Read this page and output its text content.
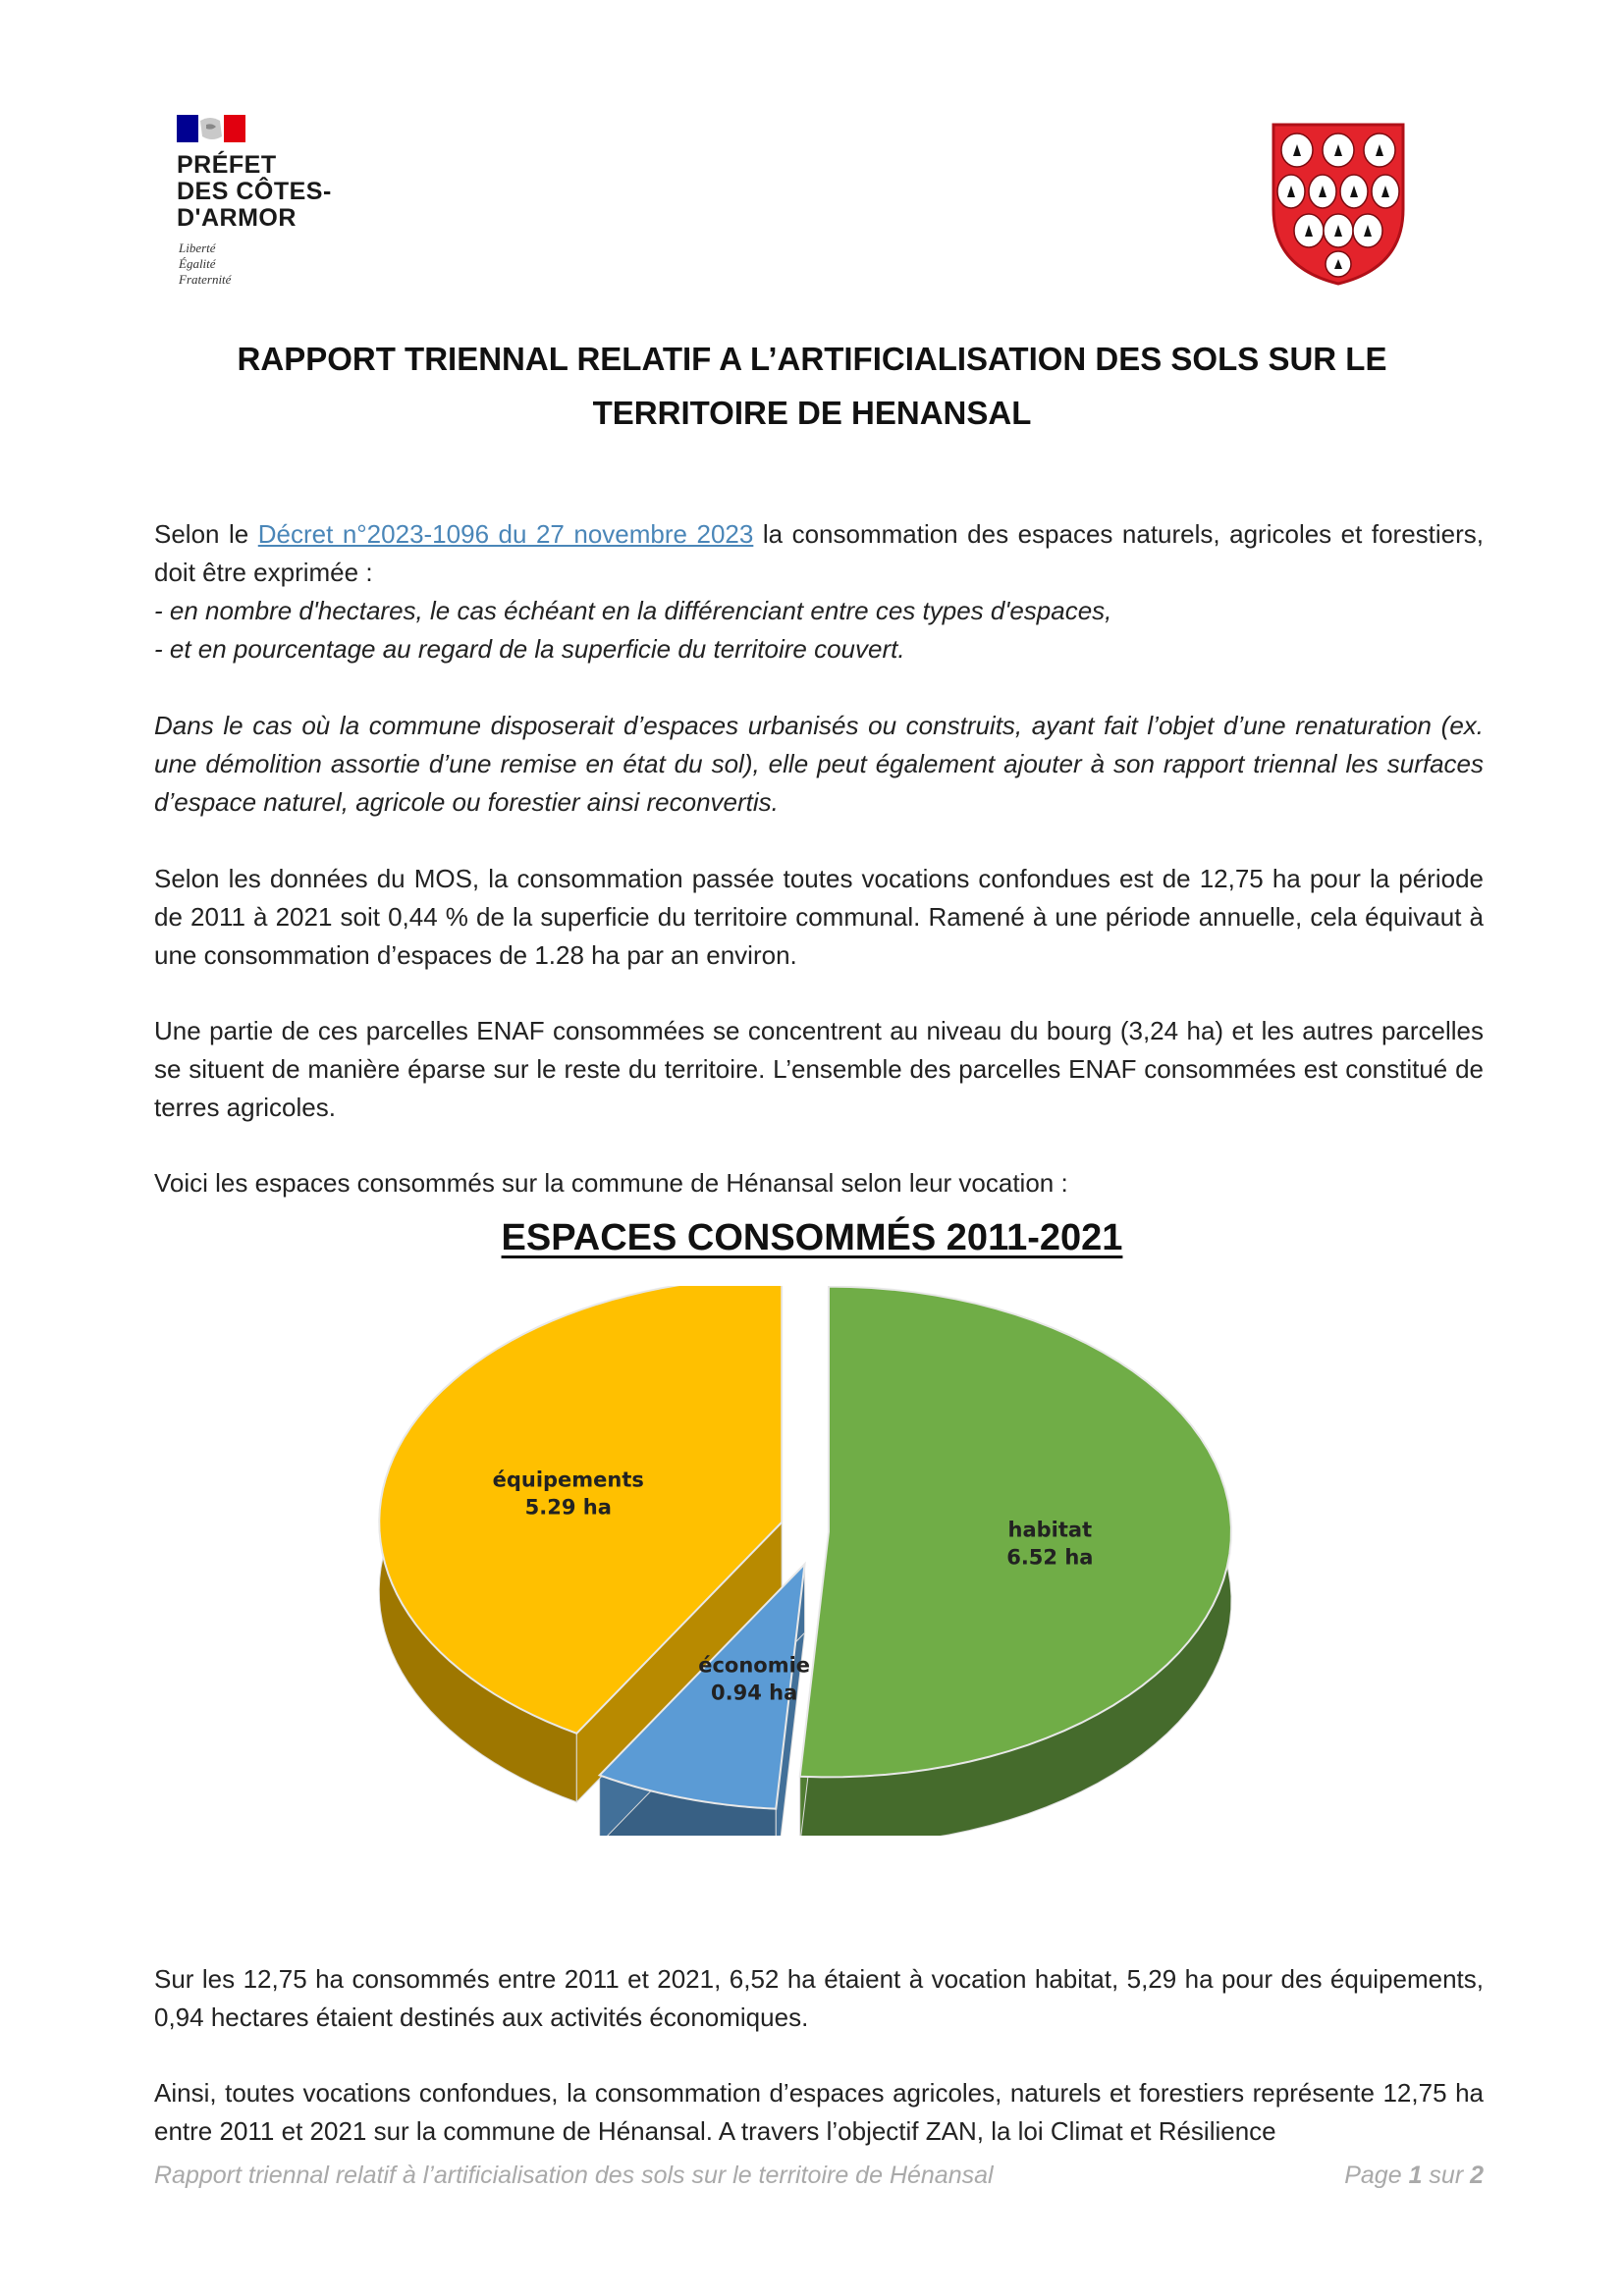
PRÉFET
DES CÔTES-
D'ARMOR
Liberté
Égalité
Fraternité
RAPPORT TRIENNAL RELATIF A L’ARTIFICIALISATION DES SOLS SUR LE
TERRITOIRE DE HENANSAL
Selon le Décret n°2023-1096 du 27 novembre 2023 la consommation des espaces naturels, agricoles et forestiers, doit être exprimée :
- en nombre d'hectares, le cas échéant en la différenciant entre ces types d'espaces,
- et en pourcentage au regard de la superficie du territoire couvert.
Dans le cas où la commune disposerait d’espaces urbanisés ou construits, ayant fait l’objet d’une renaturation (ex. une démolition assortie d’une remise en état du sol), elle peut également ajouter à son rapport triennal les surfaces d’espace naturel, agricole ou forestier ainsi reconvertis.
Selon les données du MOS, la consommation passée toutes vocations confondues est de 12,75 ha pour la période de 2011 à 2021 soit 0,44 % de la superficie du territoire communal. Ramené à une période annuelle, cela équivaut à une consommation d’espaces de 1.28 ha par an environ.
Une partie de ces parcelles ENAF consommées se concentrent au niveau du bourg (3,24 ha) et les autres parcelles se situent de manière éparse sur le reste du territoire. L’ensemble des parcelles ENAF consommées est constitué de terres agricoles.
Voici les espaces consommés sur la commune de Hénansal selon leur vocation :
ESPACES CONSOMMÉS 2011-2021
habitat
6.52 ha
économie
0.94 ha
équipements
5.29 ha
Sur les 12,75 ha consommés entre 2011 et 2021, 6,52 ha étaient à vocation habitat, 5,29 ha pour des équipements, 0,94 hectares étaient destinés aux activités économiques.
Ainsi, toutes vocations confondues, la consommation d’espaces agricoles, naturels et forestiers représente 12,75 ha entre 2011 et 2021 sur la commune de Hénansal. A travers l’objectif ZAN, la loi Climat et Résilience
Rapport triennal relatif à l’artificialisation des sols sur le territoire de Hénansal	Page 1 sur 2
